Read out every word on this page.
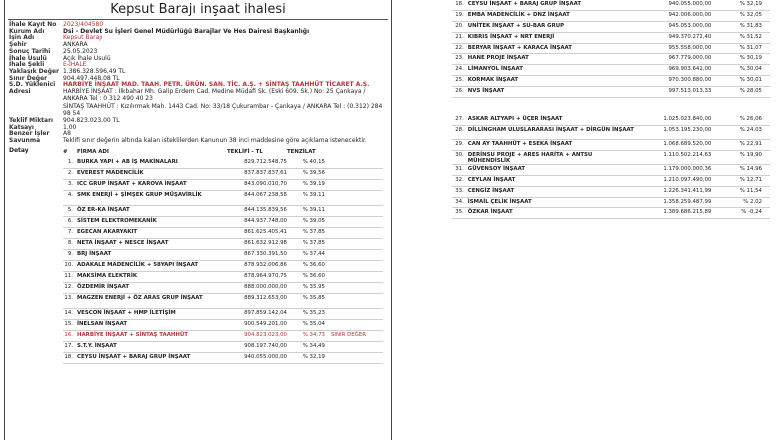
Kepsut Barajı inşaat ihalesi
İhale Kayıt No	2023/404580
Kurum Adı	Dsi - Devlet Su İşleri Genel Müdürlüğü Barajlar Ve Hes Dairesi Başkanlığı
İşin Adı	Kepsut Barajı
Şehir	ANKARA
Sonuç Tarihi	25.05.2023
İhale Usulü	Açık İhale Usulü
İhale Şekli	E-İHALE
Yaklaşık Değer 1.386.328.596,49 TL
Sınır Değer	904.497.448,08 TL
S.D. Yüklenici	HARBİYE İNŞAAT MAD. TAAH. PETR. ÜRÜN. SAN. TİC. A.Ş. + SİNTAŞ TAAHHÜT TİCARET A.Ş.
Adresi	HARBİYE İNŞAAT : İlkbahar Mh. Galip Erdem Cad. Medine Müdafi Sk. (Eski 609. Sk.) No: 25 Çankaya / ANKARA Tel : 0 312 490 40 23
SİNTAŞ TAAHHÜT : Kızılırmak Mah. 1443 Cad. No: 33/18 Çukurambar - Çankaya / ANKARA Tel : (0.312) 284 98 54
Teklif Miktarı	904.823.023,00 TL
Katsayı	1,00
Benzer İşler	A8
Savunma	Teklifi sınır değerin altında kalan isteklilerden Kanunun 38 inci maddesine göre açıklama istenecektir.
Detay	#	FİRMA ADI	TEKLİFİ - TL	TENZİLAT	
1.	BURKA YAPI + AB İŞ MAKİNALARI	829.712.548,75	% 40,15	
2.	EVEREST MADENCİLİK	837.837.837,61	% 39,56	
3.	ICC GRUP İNŞAAT + KAROVA İNŞAAT	843.090.010,70	% 39,19	
4.	SMK ENERJİ + ŞİMŞEK GRUP MÜŞAVİRLİK	844.067.238,58	% 39,11	
5.	ÖZ ER-KA İNŞAAT	844.135.839,56	% 39,11	
6.	SİSTEM ELEKTROMEKANİK	844.937.748,00	% 39,05	
7.	EGECAN AKARYAKIT	861.625.405,41	% 37,85	
8.	NETA İNŞAAT + NESCE İNŞAAT	861.632.912,98	% 37,85	
9.	BRJ İNŞAAT	867.330.391,50	% 37,44	
10.	ADAKALE MADENCİLİK + 58YAPI İNŞAAT	878.932.006,86	% 36,60	
11.	MAKSİMA ELEKTRİK	878.964.970,75	% 36,60	
12.	ÖZDEMİR İNŞAAT	888.000.000,00	% 35,95	
13.	MAGZEN ENERJİ + ÖZ ARAS GRUP İNŞAAT	889.312.653,00	% 35,85	
14.	VESCON İNŞAAT + HMP İLETİŞİM	897.859.142,04	% 35,23	
15.	İNELSAN İNŞAAT	900.549.201,00	% 35,04	
16.	HARBİYE İNŞAAT + SİNTAŞ TAAHHÜT	904.823.023,00	% 34,73	SINIR DEĞER
17.	S.T.Y. İNŞAAT	908.197.740,00	% 34,49	
18.	CEYSU İNŞAAT + BARAJ GRUP İNŞAAT	940.055.000,00	% 32,19	
18.	CEYSU İNŞAAT + BARAJ GRUP İNŞAAT	940.055.000,00	% 32,19
19.	EMBA MADENCİLİK + DNZ İNŞAAT	942.006.000,00	% 32,05
20.	UNİTEK İNŞAAT + SU-BAR GRUP	945.053.000,00	% 31,83
21.	KIBRIS İNŞAAT + NRT ENERJİ	949.370.272,40	% 31,52
22.	BERYAR İNŞAAT + KARACA İNŞAAT	955.558.000,00	% 31,07
23.	HANE PROJE İNŞAAT	967.779.000,00	% 30,19
24.	LİMANYOL İNŞAAT	969.903.642,00	% 30,04
25.	KORMAK İNŞAAT	970.300.880,00	% 30,01
26.	NVS İNŞAAT	997.513.013,33	% 28,05

27.	ASKAR ALTYAPI + ÜÇER İNŞAAT	1.025.023.840,00	% 26,06
28.	DİLLİNGHAM ULUSLARARASI İNŞAAT + DİRGÜN İNŞAAT	1.053.195.230,00	% 24,03
29.	CAN AY TAAHHÜT + ESEKA İNŞAAT	1.068.689.520,00	% 22,91
30.	DERİNSU PROJE + ARES HARİTA + ANTSU MÜHENDİSLİK	1.110.502.214,63	% 19,90
31.	GÜVENSOY İNŞAAT	1.179.000.000,36	% 14,96
32.	CEYLAN İNŞAAT	1.210.097.490,00	% 12,71
33.	CENGİZ İNŞAAT	1.226.341.411,99	% 11,54
34.	İSMAİL ÇELİK İNŞAAT	1.358.259.487,99	% 2,02
35.	ÖZKAR İNŞAAT	1.389.686.215,89	% -0,24
